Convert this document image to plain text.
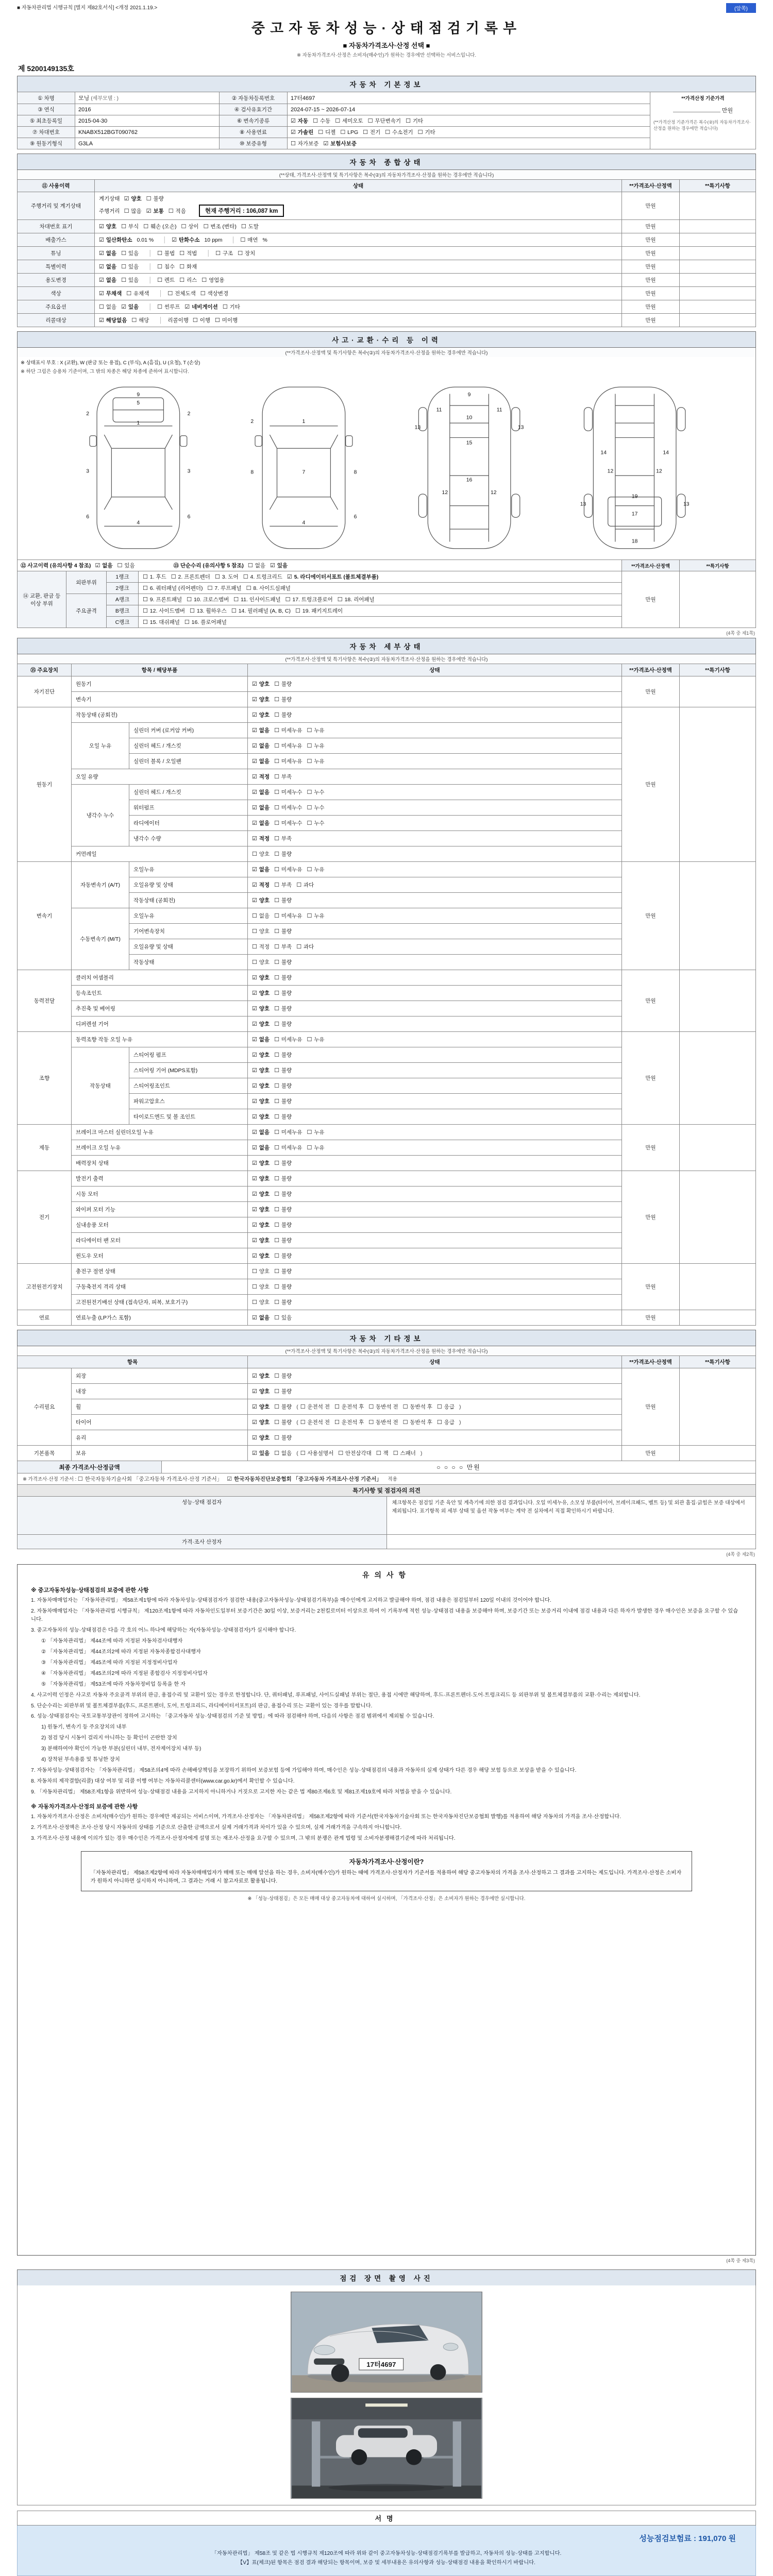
■ 자동차관리법 시행규칙 [별지 제82호서식] <개정 2021.1.19.>	(앞쪽)
중고자동차성능·상태점검기록부
■ 자동차가격조사·산정 선택 ■
※ 자동차가격조사·산정은 소비자(매수인)가 원하는 경우에만 선택하는 서비스입니다.
제 5200149135호
자동차 기본정보
① 차명	모닝 (세부모델 : )	② 자동차등록번호	17터4697	**가격산정 기준가격
만원
(**가격산정 기준가격은 복수(②)의 자동차가격조사·산정을 원하는 경우에만 적습니다)

③ 연식	2016	④ 검사유효기간	2024-07-15 ~ 2026-07-14	
⑤ 최초등록일	2015-04-30	⑥ 변속기종류	☑ 자동 ☐ 수동 ☐ 세미오토 ☐ 무단변속기 ☐ 기타	
⑦ 차대번호	KNABX512BGT090762	⑧ 사용연료	☑ 가솔린 ☐ 디젤 ☐ LPG ☐ 전기 ☐ 수소전기 ☐ 기타	
⑨ 원동기형식	G3LA	⑩ 보증유형	☐ 자가보증 ☑ 보험사보증	
자동차 종합상태
(**상태, 가격조사·산정액 및 특기사항은 복수(②)의 자동차가격조사·산정을 원하는 경우에만 적습니다)
⑪ 사용이력	상태	**가격조사·산정액	**특기사항
주행거리 및 계기상태	계기상태 ☑ 양호 ☐ 불량
주행거리 ☐ 많음 ☑ 보통 ☐ 적음 현재 주행거리 : 106,087 km	만원	
차대번호 표기	☑ 양호 ☐ 부식 ☐ 훼손 (오손) ☐ 상이 ☐ 변조 (변타) ☐ 도말	만원	
배출가스	☑ 일산화탄소 0.01 % │ ☑ 탄화수소 10 ppm │ ☐ 매연 %	만원	
튜닝	☑ 없음 ☐ 있음 │ ☐ 불법 ☐ 적법 │ ☐ 구조 ☐ 장치	만원	
특별이력	☑ 없음 ☐ 있음 │ ☐ 침수 ☐ 화재	만원	
용도변경	☑ 없음 ☐ 있음 │ ☐ 렌트 ☐ 리스 ☐ 영업용	만원	
색상	☑ 무채색 ☐ 유채색 │ ☐ 전체도색 ☐ 색상변경	만원	
주요옵션	☐ 없음 ☑ 있음 │ ☐ 썬루프 ☑ 네비게이션 ☐ 기타	만원	
리콜대상	☑ 해당없음 ☐ 해당 │ 리콜이행 ☐ 이행 ☐ 미이행	만원	
사고·교환·수리 등 이력
(**가격조사·산정액 및 특기사항은 복수(②)의 자동차가격조사·산정을 원하는 경우에만 적습니다)
※ 상태표시 부호 : X (교환), W (판금 또는 용접), C (부식), A (흠집), U (요철), T (손상)
※ 하단 그림은 승용차 기준이며, 그 밖의 차종은 해당 차종에 준하여 표시합니다.
9
5
1
2	2
3	3
4
6	6
1
2
7
8	8
4
6
9
10
11	11
15
16
12	12
13	13
14	14
12	12
13	13
19
17
18
⑫ 사고이력 (유의사항 4 참조) ☑ 없음 ☐ 있음 ⑬ 단순수리 (유의사항 5 참조) ☐ 없음 ☑ 있음				**가격조사·산정액	**특기사항
⑭ 교환, 판금 등 이상 부위	외판부위	1랭크	☐ 1. 후드 ☐ 2. 프론트펜더 ☐ 3. 도어 ☐ 4. 트렁크리드 ☑ 5. 라디에이터서포트 (볼트체결부품)	만원	
		2랭크	☐ 6. 쿼터패널 (리어펜더) ☐ 7. 루프패널 ☐ 8. 사이드실패널		
	주요골격	A랭크	☐ 9. 프론트패널 ☐ 10. 크로스멤버 ☐ 11. 인사이드패널 ☐ 17. 트렁크플로어 ☐ 18. 리어패널		
		B랭크	☐ 12. 사이드멤버 ☐ 13. 휠하우스 ☐ 14. 필러패널 (A, B, C) ☐ 19. 패키지트레이		
		C랭크	☐ 15. 대쉬패널 ☐ 16. 플로어패널		
(4쪽 중 제1쪽)
자동차 세부상태
(**가격조사·산정액 및 특기사항은 복수(②)의 자동차가격조사·산정을 원하는 경우에만 적습니다)
⑮ 주요장치	항목 / 해당부품		상태	**가격조사·산정액	**특기사항
자기진단	원동기		☑ 양호 ☐ 불량	만원	
	변속기		☑ 양호 ☐ 불량		
원동기	작동상태 (공회전)		☑ 양호 ☐ 불량	만원	
	오일 누유	실린더 커버 (로커암 커버)	☑ 없음 ☐ 미세누유 ☐ 누유		
		실린더 헤드 / 개스킷	☑ 없음 ☐ 미세누유 ☐ 누유		
		실린더 블록 / 오일팬	☑ 없음 ☐ 미세누유 ☐ 누유		
	오일 유량		☑ 적정 ☐ 부족		
	냉각수 누수	실린더 헤드 / 개스킷	☑ 없음 ☐ 미세누수 ☐ 누수		
		워터펌프	☑ 없음 ☐ 미세누수 ☐ 누수		
		라디에이터	☑ 없음 ☐ 미세누수 ☐ 누수		
		냉각수 수량	☑ 적정 ☐ 부족		
	커먼레일		☐ 양호 ☐ 불량		
변속기	자동변속기 (A/T)	오일누유	☑ 없음 ☐ 미세누유 ☐ 누유	만원	
		오일유량 및 상태	☑ 적정 ☐ 부족 ☐ 과다		
		작동상태 (공회전)	☑ 양호 ☐ 불량		
	수동변속기 (M/T)	오일누유	☐ 없음 ☐ 미세누유 ☐ 누유		
		기어변속장치	☐ 양호 ☐ 불량		
		오일유량 및 상태	☐ 적정 ☐ 부족 ☐ 과다		
		작동상태	☐ 양호 ☐ 불량		
동력전달	클러치 어셈블리		☑ 양호 ☐ 불량	만원	
	등속조인트		☑ 양호 ☐ 불량		
	추진축 및 베어링		☑ 양호 ☐ 불량		
	디퍼렌셜 기어		☑ 양호 ☐ 불량		
조향	동력조향 작동 오일 누유		☑ 없음 ☐ 미세누유 ☐ 누유	만원	
	작동상태	스티어링 펌프	☑ 양호 ☐ 불량		
		스티어링 기어 (MDPS포함)	☑ 양호 ☐ 불량		
		스티어링조인트	☑ 양호 ☐ 불량		
		파워고압호스	☑ 양호 ☐ 불량		
		타이로드엔드 및 볼 조인트	☑ 양호 ☐ 불량		
제동	브레이크 마스터 실린더오일 누유		☑ 없음 ☐ 미세누유 ☐ 누유	만원	
	브레이크 오일 누유		☑ 없음 ☐ 미세누유 ☐ 누유		
	배력장치 상태		☑ 양호 ☐ 불량		
전기	발전기 출력		☑ 양호 ☐ 불량	만원	
	시동 모터		☑ 양호 ☐ 불량		
	와이퍼 모터 기능		☑ 양호 ☐ 불량		
	실내송풍 모터		☑ 양호 ☐ 불량		
	라디에이터 팬 모터		☑ 양호 ☐ 불량		
	윈도우 모터		☑ 양호 ☐ 불량		
고전원전기장치	충전구 절연 상태		☐ 양호 ☐ 불량	만원	
	구동축전지 격리 상태		☐ 양호 ☐ 불량		
	고전원전기배선 상태 (접속단자, 피복, 보호기구)		☐ 양호 ☐ 불량		
연료	연료누출 (LP가스 포함)		☑ 없음 ☐ 있음	만원	
자동차 기타정보
(**가격조사·산정액 및 특기사항은 복수(②)의 자동차가격조사·산정을 원하는 경우에만 적습니다)
항목		상태	**가격조사·산정액	**특기사항
수리필요	외장	☑ 양호 ☐ 불량	만원	
	내장	☑ 양호 ☐ 불량		
	휠	☑ 양호 ☐ 불량 ( ☐ 운전석 전 ☐ 운전석 후 ☐ 동반석 전 ☐ 동반석 후 ☐ 응급 )		
	타이어	☑ 양호 ☐ 불량 ( ☐ 운전석 전 ☐ 운전석 후 ☐ 동반석 전 ☐ 동반석 후 ☐ 응급 )		
	유리	☑ 양호 ☐ 불량		
기본품목	보유	☑ 있음 ☐ 없음 ( ☐ 사용설명서 ☐ 안전삼각대 ☐ 잭 ☐ 스패너 )	만원	
최종 가격조사·산정금액	○ ○ ○ ○ 만원
※ 가격조사·산정 기준서 : ☐ 한국자동차기술사회 「중고자동차 가격조사·산정 기준서」 ☑ 한국자동차진단보증협회 「중고자동차 가격조사·산정 기준서」 적용
특기사항 및 점검자의 의견	
성능·상태 점검자	체크항목은 점검일 기준 육안 및 계측기에 의한 점검 결과입니다. 오일 미세누유, 소모성 부품(타이어, 브레이크패드, 벨트 등) 및 외관 흠집·긁힘은 보증 대상에서 제외됩니다. 표기항목 외 세부 상태 및 옵션 작동 여부는 계약 전 실차에서 직접 확인하시기 바랍니다.
가격·조사 산정자	
(4쪽 중 제2쪽)
유의사항
※ 중고자동차성능·상태점검의 보증에 관한 사항
1. 자동차매매업자는 「자동차관리법」 제58조제1항에 따라 자동차성능·상태점검자가 점검한 내용(중고자동차성능·상태점검기록부)을 매수인에게 고지하고 발급해야 하며, 점검 내용은 점검일부터 120일 이내의 것이어야 합니다.
2. 자동차매매업자는 「자동차관리법 시행규칙」 제120조제1항에 따라 자동차인도일부터 보증기간은 30일 이상, 보증거리는 2천킬로미터 이상으로 하여 이 기록부에 적힌 성능·상태점검 내용을 보증해야 하며, 보증기간 또는 보증거리 이내에 점검 내용과 다른 하자가 발생한 경우 매수인은 보증을 요구할 수 있습니다.
3. 중고자동차의 성능·상태점검은 다음 각 호의 어느 하나에 해당하는 자(자동차성능·상태점검자)가 실시해야 합니다.
① 「자동차관리법」 제44조에 따라 지정된 자동차검사대행자
② 「자동차관리법」 제44조의2에 따라 지정된 자동차종합검사대행자
③ 「자동차관리법」 제45조에 따라 지정된 지정정비사업자
④ 「자동차관리법」 제45조의2에 따라 지정된 종합검사 지정정비사업자
⑤ 「자동차관리법」 제53조에 따라 자동차정비업 등록을 한 자
4. 사고이력 인정은 사고로 자동차 주요골격 부위의 판금, 용접수리 및 교환이 있는 경우로 한정합니다. 단, 쿼터패널, 루프패널, 사이드실패널 부위는 절단, 용접 시에만 해당하며, 후드·프론트펜더·도어·트렁크리드 등 외판부위 및 볼트체결부품의 교환·수리는 제외합니다.
5. 단순수리는 외판부위 및 볼트체결부품(후드, 프론트펜더, 도어, 트렁크리드, 라디에이터서포트)의 판금, 용접수리 또는 교환이 있는 경우를 말합니다.
6. 성능·상태점검자는 국토교통부장관이 정하여 고시하는 「중고자동차 성능·상태점검의 기준 및 방법」에 따라 점검해야 하며, 다음의 사항은 점검 범위에서 제외될 수 있습니다.
1) 원동기, 변속기 등 주요장치의 내부
2) 점검 당시 시동이 걸리지 아니하는 등 확인이 곤란한 장치
3) 분해하여야 확인이 가능한 부분(실린더 내부, 전자제어장치 내부 등)
4) 장착된 부속용품 및 튜닝한 장치
7. 자동차성능·상태점검자는 「자동차관리법」 제58조의4에 따라 손해배상책임을 보장하기 위하여 보증보험 등에 가입해야 하며, 매수인은 성능·상태점검의 내용과 자동차의 실제 상태가 다른 경우 해당 보험 등으로 보상을 받을 수 있습니다.
8. 자동차의 제작결함(리콜) 대상 여부 및 리콜 이행 여부는 자동차리콜센터(www.car.go.kr)에서 확인할 수 있습니다.
9. 「자동차관리법」 제58조제1항을 위반하여 성능·상태점검 내용을 고지하지 아니하거나 거짓으로 고지한 자는 같은 법 제80조제6호 및 제81조제19호에 따라 처벌을 받을 수 있습니다.
※ 자동차가격조사·산정의 보증에 관한 사항
1. 자동차가격조사·산정은 소비자(매수인)가 원하는 경우에만 제공되는 서비스이며, 가격조사·산정자는 「자동차관리법」 제58조제2항에 따라 기준서(한국자동차기술사회 또는 한국자동차진단보증협회 발행)를 적용하여 해당 자동차의 가격을 조사·산정합니다.
2. 가격조사·산정액은 조사·산정 당시 자동차의 상태를 기준으로 산출한 금액으로서 실제 거래가격과 차이가 있을 수 있으며, 실제 거래가격을 구속하지 아니합니다.
3. 가격조사·산정 내용에 이의가 있는 경우 매수인은 가격조사·산정자에게 설명 또는 재조사·산정을 요구할 수 있으며, 그 밖의 분쟁은 관계 법령 및 소비자분쟁해결기준에 따라 처리됩니다.
자동차가격조사·산정이란?
「자동차관리법」 제58조제2항에 따라 자동차매매업자가 매매 또는 매매 알선을 하는 경우, 소비자(매수인)가 원하는 때에 가격조사·산정자가 기준서를 적용하여 해당 중고자동차의 가격을 조사·산정하고 그 결과를 고지하는 제도입니다. 가격조사·산정은 소비자가 원하지 아니하면 실시하지 아니하며, 그 결과는 거래 시 참고자료로 활용됩니다.
※ 「성능·상태점검」은 모든 매매 대상 중고자동차에 대하여 실시하며, 「가격조사·산정」은 소비자가 원하는 경우에만 실시합니다.
(4쪽 중 제3쪽)
점검 장면 촬영 사진
17터4697
서명
성능점검보험료 : 191,070 원
「자동차관리법」 제58조 및 같은 법 시행규칙 제120조에 따라 위와 같이 중고자동차성능·상태점검기록부를 발급하고, 자동차의 성능·상태를 고지합니다.
【V】표(체크)된 항목은 점검 결과 해당되는 항목이며, 보증 및 세부내용은 유의사항과 성능·상태점검 내용을 확인하시기 바랍니다.
